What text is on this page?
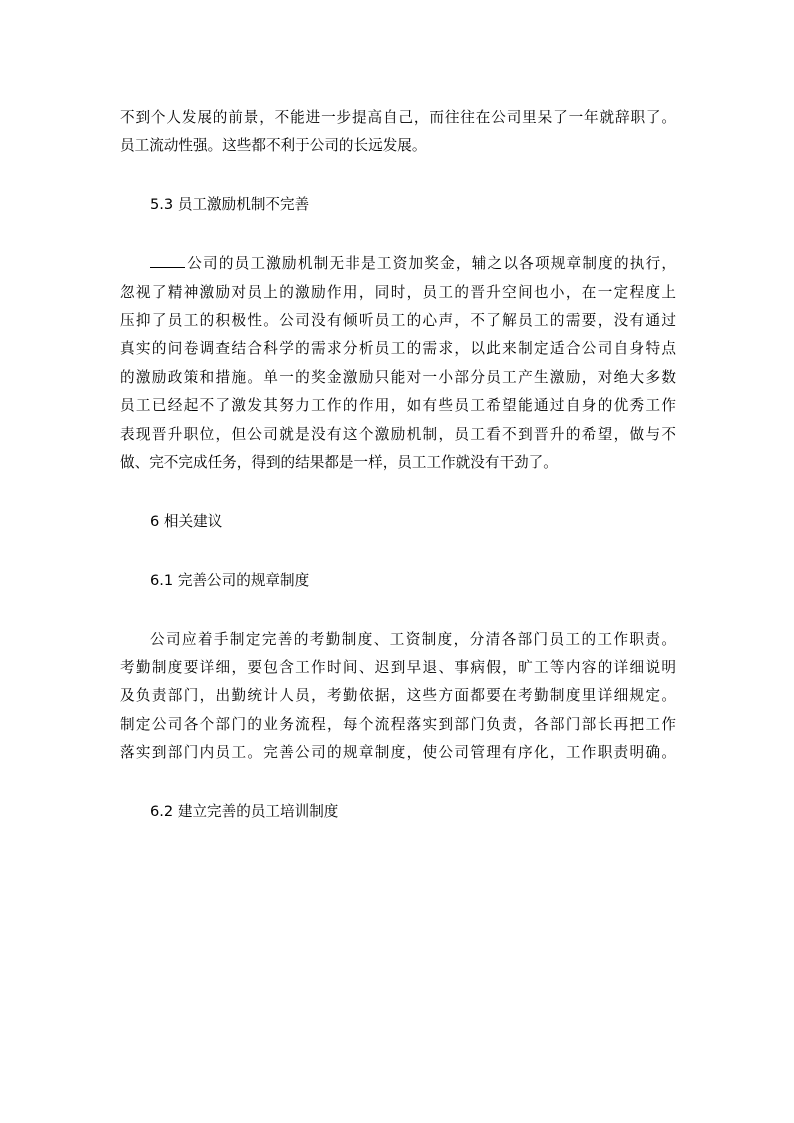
不到个人发展的前景，不能进一步提高自己，而往往在公司里呆了一年就辞职了。
员工流动性强。这些都不利于公司的长远发展。
5.3 员工激励机制不完善
公司的员工激励机制无非是工资加奖金，辅之以各项规章制度的执行，
忽视了精神激励对员上的激励作用，同时，员工的晋升空间也小，在一定程度上
压抑了员工的积极性。公司没有倾听员工的心声，不了解员工的需要，没有通过
真实的问卷调查结合科学的需求分析员工的需求，以此来制定适合公司自身特点
的激励政策和措施。单一的奖金激励只能对一小部分员工产生激励，对绝大多数
员工已经起不了激发其努力工作的作用，如有些员工希望能通过自身的优秀工作
表现晋升职位，但公司就是没有这个激励机制，员工看不到晋升的希望，做与不
做、完不完成任务，得到的结果都是一样，员工工作就没有干劲了。
6 相关建议
6.1 完善公司的规章制度
公司应着手制定完善的考勤制度、工资制度，分清各部门员工的工作职责。
考勤制度要详细，要包含工作时间、迟到早退、事病假，旷工等内容的详细说明
及负责部门，出勤统计人员，考勤依据，这些方面都要在考勤制度里详细规定。
制定公司各个部门的业务流程，每个流程落实到部门负责，各部门部长再把工作
落实到部门内员工。完善公司的规章制度，使公司管理有序化，工作职责明确。
6.2 建立完善的员工培训制度
